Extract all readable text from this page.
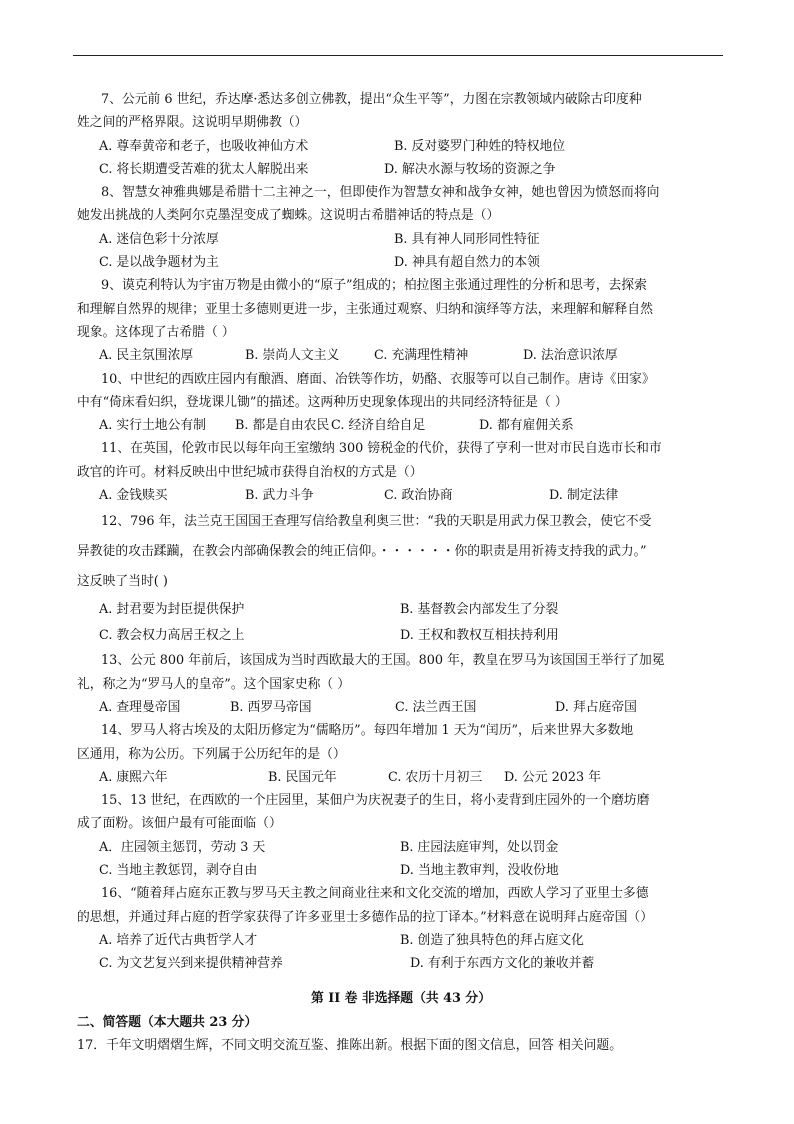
7、公元前 6 世纪，乔达摩·悉达多创立佛教，提出“众生平等”，力图在宗教领域内破除古印度种
姓之间的严格界限。这说明早期佛教（）
A. 尊奉黄帝和老子，也吸收神仙方术	B. 反对婆罗门种姓的特权地位
C. 将长期遭受苦难的犹太人解脱出来	D. 解决水源与牧场的资源之争
8、智慧女神雅典娜是希腊十二主神之一，但即使作为智慧女神和战争女神，她也曾因为愤怒而将向
她发出挑战的人类阿尔克墨涅变成了蜘蛛。这说明古希腊神话的特点是（）
A. 迷信色彩十分浓厚	B. 具有神人同形同性特征
C. 是以战争题材为主	D. 神具有超自然力的本领
9、谟克利特认为宇宙万物是由微小的“原子”组成的；柏拉图主张通过理性的分析和思考，去探索
和理解自然界的规律；亚里士多德则更进一步，主张通过观察、归纳和演绎等方法，来理解和解释自然
现象。这体现了古希腊（ ）
A. 民主氛围浓厚	B. 崇尚人文主义	C. 充满理性精神	D. 法治意识浓厚
10、中世纪的西欧庄园内有酿酒、磨面、冶铁等作坊，奶酪、衣服等可以自己制作。唐诗《田家》
中有“倚床看妇织，登垅课儿锄”的描述。这两种历史现象体现出的共同经济特征是（ ）
A. 实行土地公有制 B. 都是自由农民 C. 经济自给自足	D. 都有雇佣关系
11、在英国，伦敦市民以每年向王室缴纳 300 镑税金的代价，获得了亨利一世对市民自选市长和市
政官的许可。材料反映出中世纪城市获得自治权的方式是（）
A. 金钱赎买	B. 武力斗争	C. 政治协商	D. 制定法律
12、796 年，法兰克王国国王查理写信给教皇利奥三世：“我的天职是用武力保卫教会，使它不受
异教徒的攻击蹂躏，在教会内部确保教会的纯正信仰。・・・・・・你的职责是用祈祷支持我的武力。”
这反映了当时( )
A. 封君要为封臣提供保护	B. 基督教会内部发生了分裂
C. 教会权力高居王权之上	D. 王权和教权互相扶持利用
13、公元 800 年前后，该国成为当时西欧最大的王国。800 年，教皇在罗马为该国国王举行了加冕
礼，称之为“罗马人的皇帝”。这个国家史称（ ）
A. 查理曼帝国	B. 西罗马帝国	C. 法兰西王国	D. 拜占庭帝国
14、罗马人将古埃及的太阳历修定为“儒略历”。每四年增加 1 天为“闰历”，后来世界大多数地
区通用，称为公历。下列属于公历纪年的是（）
A. 康熙六年	B. 民国元年	C. 农历十月初三 D. 公元 2023 年
15、13 世纪，在西欧的一个庄园里，某佃户为庆祝妻子的生日，将小麦背到庄园外的一个磨坊磨
成了面粉。该佃户最有可能面临（）
A．庄园领主惩罚，劳动 3 天	B. 庄园法庭审判，处以罚金
C. 当地主教惩罚，剥夺自由	D. 当地主教审判，没收份地
16、“随着拜占庭东正教与罗马天主教之间商业往来和文化交流的增加，西欧人学习了亚里士多德
的思想，并通过拜占庭的哲学家获得了许多亚里士多德作品的拉丁译本。”材料意在说明拜占庭帝国（）
A. 培养了近代古典哲学人才	B. 创造了独具特色的拜占庭文化
C. 为文艺复兴到来提供精神营养	D. 有利于东西方文化的兼收并蓄
第 II 卷 非选择题（共 43 分）
二、简答题（本大题共 23 分）
17．千年文明熠熠生辉，不同文明交流互鉴、推陈出新。根据下面的图文信息，回答 相关问题。
